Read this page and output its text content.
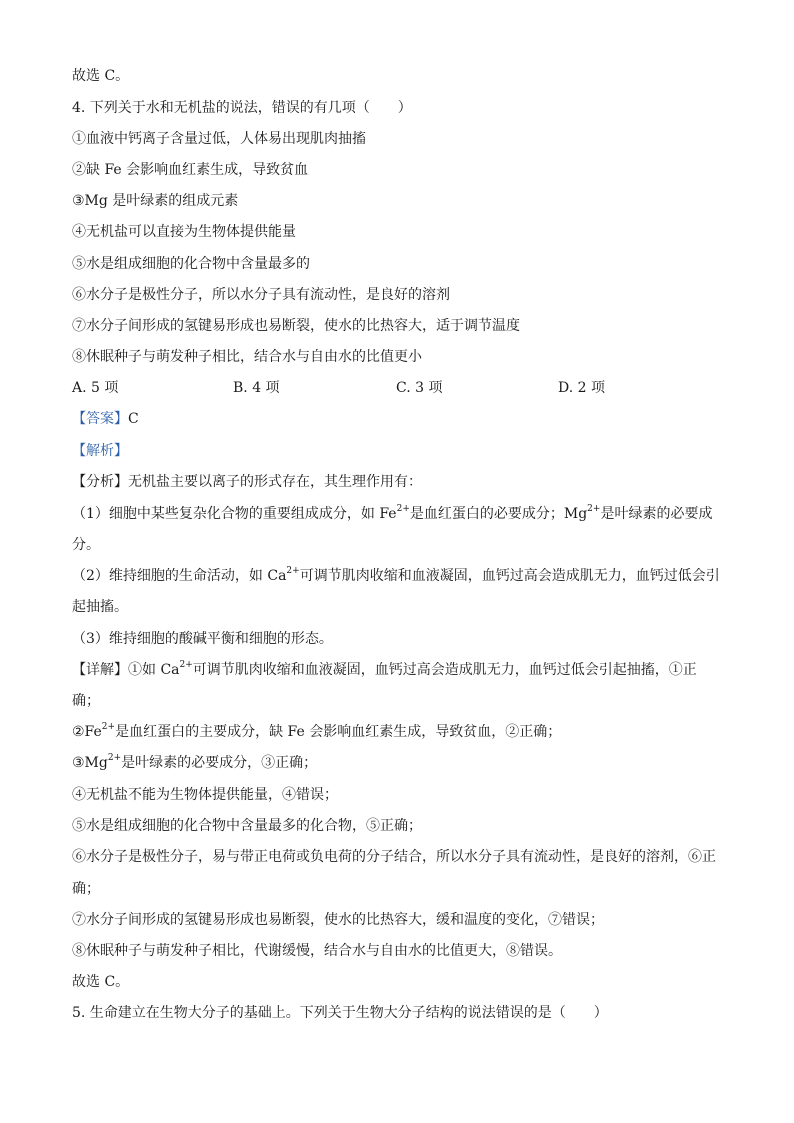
故选 C。
4. 下列关于水和无机盐的说法，错误的有几项（　　）
①血液中钙离子含量过低，人体易出现肌肉抽搐
②缺 Fe 会影响血红素生成，导致贫血
③Mg 是叶绿素的组成元素
④无机盐可以直接为生物体提供能量
⑤水是组成细胞的化合物中含量最多的
⑥水分子是极性分子，所以水分子具有流动性，是良好的溶剂
⑦水分子间形成的氢键易形成也易断裂，使水的比热容大，适于调节温度
⑧休眠种子与萌发种子相比，结合水与自由水的比值更小
A. 5 项	B. 4 项	C. 3 项	D. 2 项
【答案】C
【解析】
【分析】无机盐主要以离子的形式存在，其生理作用有：
（1）细胞中某些复杂化合物的重要组成成分，如 $Fe^{2+}$是血红蛋白的必要成分；$Mg^{2+}$是叶绿素的必要成
分。
（2）维持细胞的生命活动，如 $Ca^{2+}$可调节肌肉收缩和血液凝固，血钙过高会造成肌无力，血钙过低会引
起抽搐。
（3）维持细胞的酸碱平衡和细胞的形态。
【详解】①如 $Ca^{2+}$可调节肌肉收缩和血液凝固，血钙过高会造成肌无力，血钙过低会引起抽搐，①正
确；
$②Fe^{2+}$是血红蛋白的主要成分，缺 Fe 会影响血红素生成，导致贫血，②正确；
$③Mg^{2+}$是叶绿素的必要成分，③正确；
④无机盐不能为生物体提供能量，④错误；
⑤水是组成细胞的化合物中含量最多的化合物，⑤正确；
⑥水分子是极性分子，易与带正电荷或负电荷的分子结合，所以水分子具有流动性，是良好的溶剂，⑥正
确；
⑦水分子间形成的氢键易形成也易断裂，使水的比热容大，缓和温度的变化，⑦错误；
⑧休眠种子与萌发种子相比，代谢缓慢，结合水与自由水的比值更大，⑧错误。
故选 C。
5. 生命建立在生物大分子的基础上。下列关于生物大分子结构的说法错误的是（　　）
